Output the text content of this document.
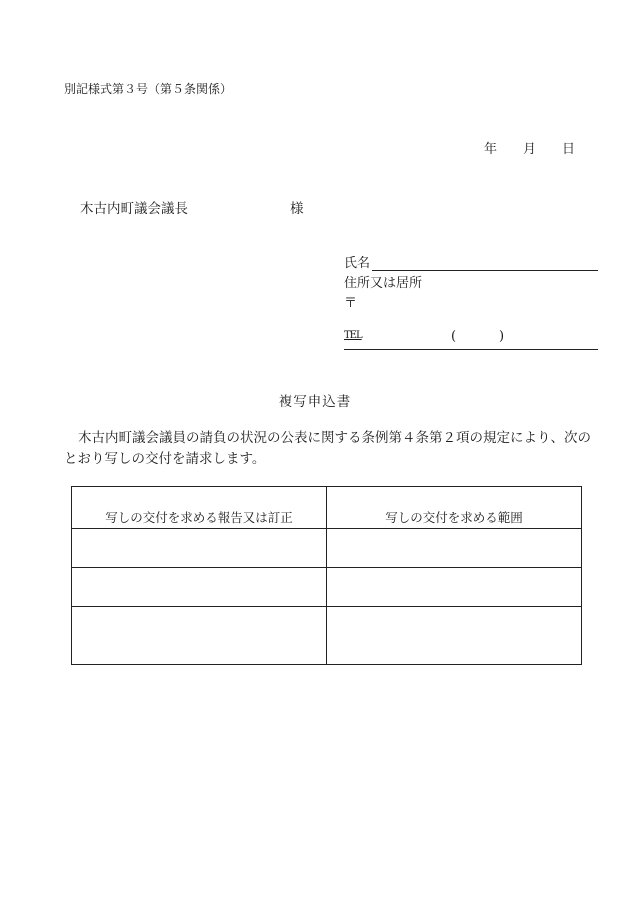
別記様式第３号（第５条関係）
年 月 日
木古内町議会議長	様
氏名
住所又は居所
〒
TEL	(	)
複写申込書
木古内町議会議員の請負の状況の公表に関する条例第４条第２項の規定により、次のとおり写しの交付を請求します。
写しの交付を求める報告又は訂正	写しの交付を求める範囲
